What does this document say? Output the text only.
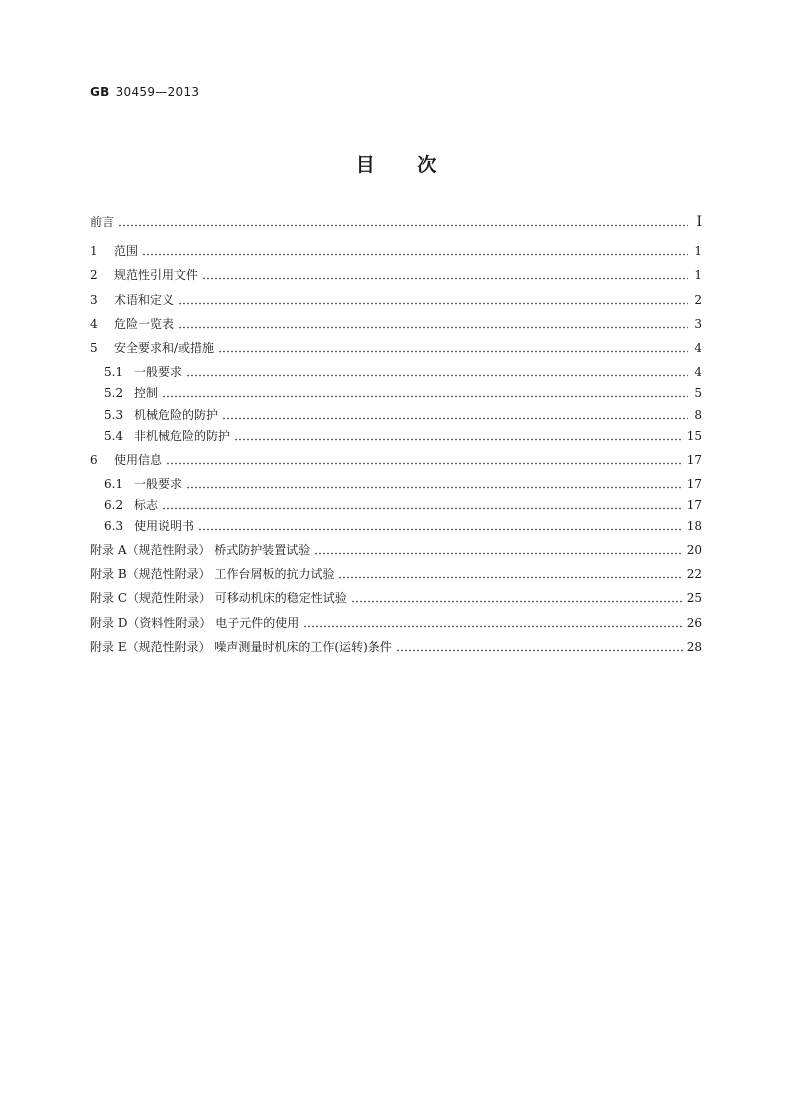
GB 30459—2013
目 次
前言	I
1	范围	1
2	规范性引用文件	1
3	术语和定义	2
4	危险一览表	3
5	安全要求和/或措施	4
5.1 一般要求	4
5.2 控制	5
5.3 机械危险的防护	8
5.4 非机械危险的防护	15
6	使用信息	17
6.1 一般要求	17
6.2 标志	17
6.3 使用说明书	18
附录 A（规范性附录） 桥式防护装置试验	20
附录 B（规范性附录） 工作台屑板的抗力试验	22
附录 C（规范性附录） 可移动机床的稳定性试验	25
附录 D（资料性附录） 电子元件的使用	26
附录 E（规范性附录） 噪声测量时机床的工作(运转)条件	28
